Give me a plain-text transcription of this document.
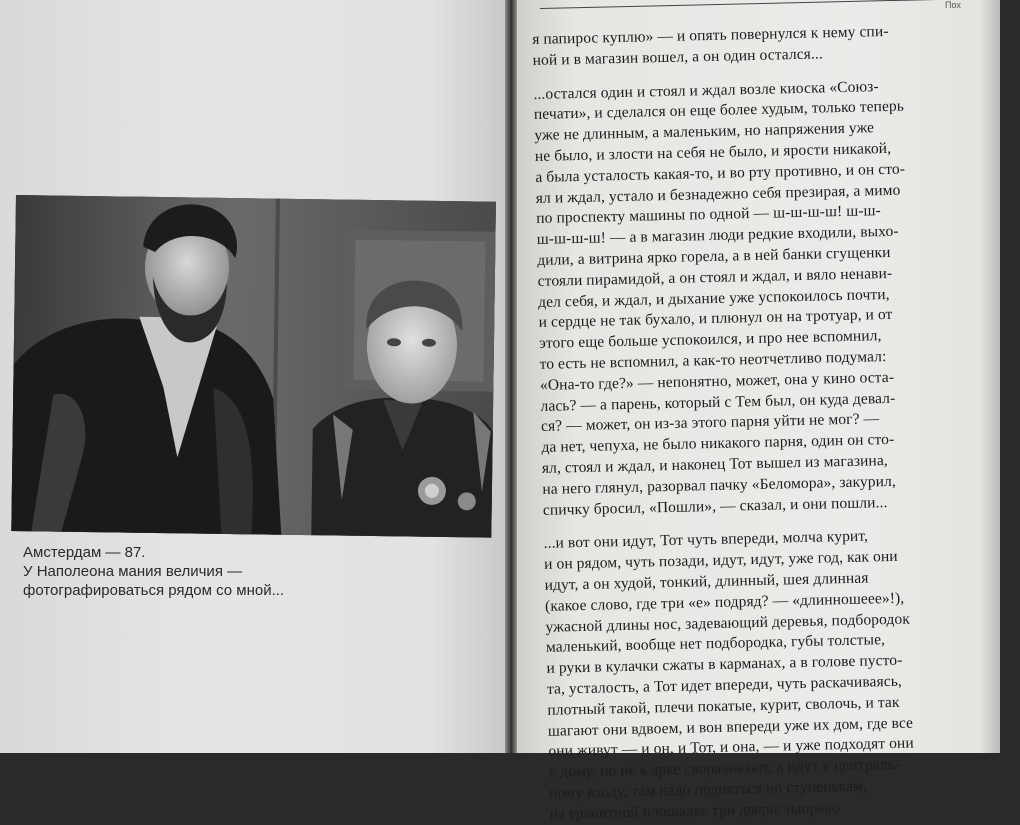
Амстердам — 87.
У Наполеона мания величия —
фотографироваться рядом со мной...
Пох
я папирос куплю» — и опять повернулся к нему спи-
ной и в магазин вошел, а он один остался...
...остался один и стоял и ждал возле киоска «Союз-
печати», и сделался он еще более худым, только теперь
уже не длинным, а маленьким, но напряжения уже
не было, и злости на себя не было, и ярости никакой,
а была усталость какая-то, и во рту противно, и он сто-
ял и ждал, устало и безнадежно себя презирая, а мимо
по проспекту машины по одной — ш-ш-ш-ш! ш-ш-
ш-ш-ш-ш! — а в магазин люди редкие входили, выхо-
дили, а витрина ярко горела, а в ней банки сгущенки
стояли пирамидой, а он стоял и ждал, и вяло ненави-
дел себя, и ждал, и дыхание уже успокоилось почти,
и сердце не так бухало, и плюнул он на тротуар, и от
этого еще больше успокоился, и про нее вспомнил,
то есть не вспомнил, а как-то неотчетливо подумал:
«Она-то где?» — непонятно, может, она у кино оста-
лась? — а парень, который с Тем был, он куда девал-
ся? — может, он из-за этого парня уйти не мог? —
да нет, чепуха, не было никакого парня, один он сто-
ял, стоял и ждал, и наконец Тот вышел из магазина,
на него глянул, разорвал пачку «Беломора», закурил,
спичку бросил, «Пошли», — сказал, и они пошли...
...и вот они идут, Тот чуть впереди, молча курит,
и он рядом, чуть позади, идут, идут, уже год, как они
идут, а он худой, тонкий, длинный, шея длинная
(какое слово, где три «е» подряд? — «длинношеее»!),
ужасной длины нос, задевающий деревья, подбородок
маленький, вообще нет подбородка, губы толстые,
и руки в кулачки сжаты в карманах, а в голове пусто-
та, усталость, а Тот идет впереди, чуть раскачиваясь,
плотный такой, плечи покатые, курит, сволочь, и так
шагают они вдвоем, и вон впереди уже их дом, где все
они живут — и он, и Тот, и она, — и уже подходят они
к дому, но не к арке сворачивают, а идут к централь-
ному входу, там надо подняться по ступенькам,
на гранитной площадке три двери: направо
